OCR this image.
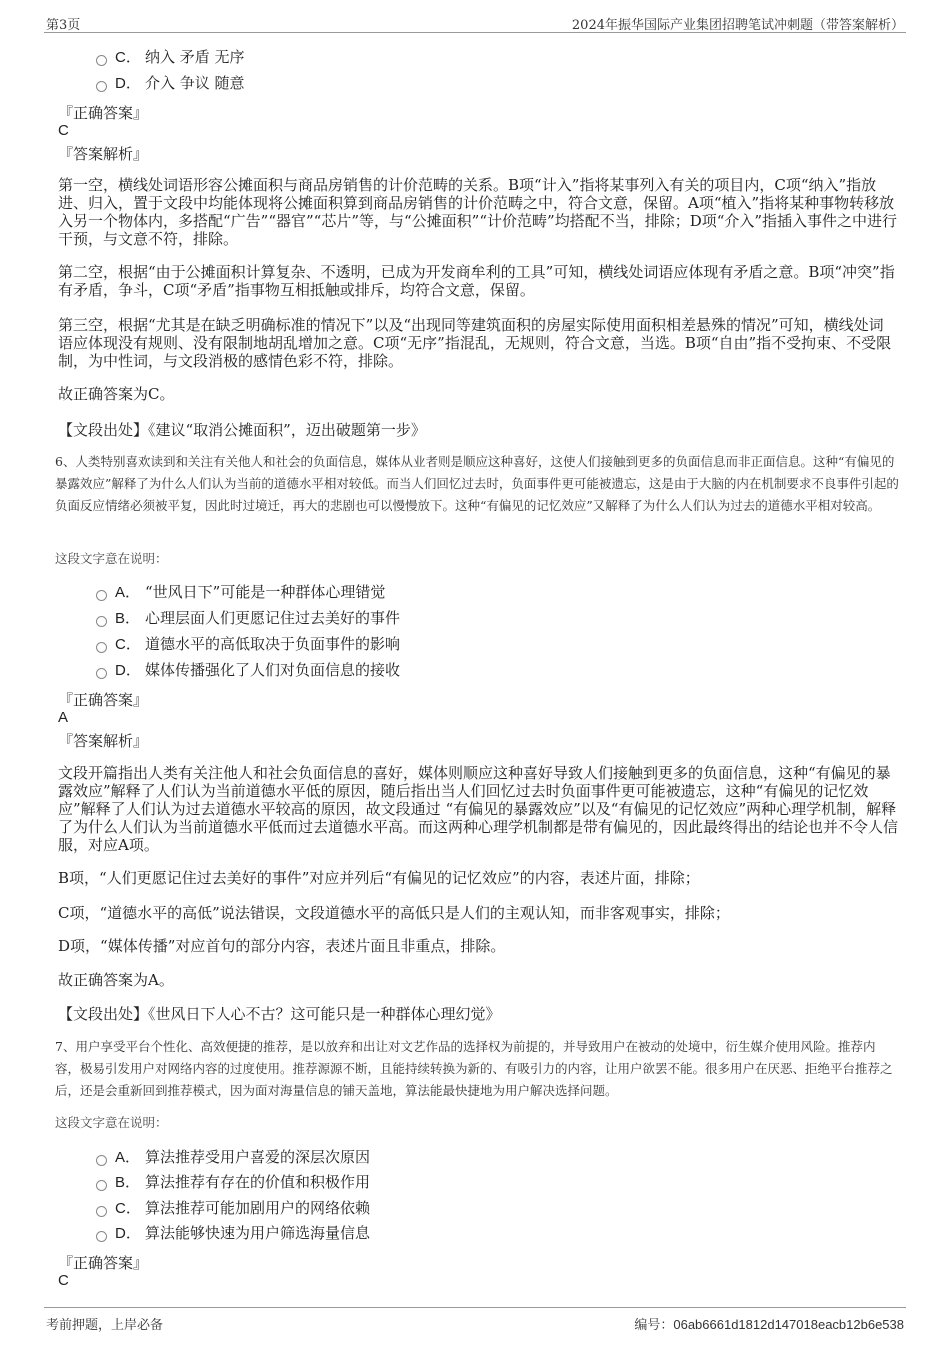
第3页	2024年振华国际产业集团招聘笔试冲刺题（带答案解析）
C． 纳入 矛盾 无序
D． 介入 争议 随意
『正确答案』
C
『答案解析』
第一空，横线处词语形容公摊面积与商品房销售的计价范畴的关系。B项“计入”指将某事列入有关的项目内，C项“纳入”指放进、归入，置于文段中均能体现将公摊面积算到商品房销售的计价范畴之中，符合文意，保留。A项“植入”指将某种事物转移放入另一个物体内，多搭配“广告”“器官”“芯片”等，与“公摊面积”“计价范畴”均搭配不当，排除；D项“介入”指插入事件之中进行干预，与文意不符，排除。
第二空，根据“由于公摊面积计算复杂、不透明，已成为开发商牟利的工具”可知，横线处词语应体现有矛盾之意。B项“冲突”指有矛盾，争斗，C项“矛盾”指事物互相抵触或排斥，均符合文意，保留。
第三空，根据“尤其是在缺乏明确标准的情况下”以及“出现同等建筑面积的房屋实际使用面积相差悬殊的情况”可知，横线处词语应体现没有规则、没有限制地胡乱增加之意。C项“无序”指混乱，无规则，符合文意，当选。B项“自由”指不受拘束、不受限制，为中性词，与文段消极的感情色彩不符，排除。
故正确答案为C。
【文段出处】《建议“取消公摊面积”，迈出破题第一步》
6、人类特别喜欢读到和关注有关他人和社会的负面信息，媒体从业者则是顺应这种喜好，这使人们接触到更多的负面信息而非正面信息。这种“有偏见的暴露效应”解释了为什么人们认为当前的道德水平相对较低。而当人们回忆过去时，负面事件更可能被遗忘，这是由于大脑的内在机制要求不良事件引起的负面反应情绪必须被平复，因此时过境迁，再大的悲剧也可以慢慢放下。这种“有偏见的记忆效应”又解释了为什么人们认为过去的道德水平相对较高。
这段文字意在说明：
A． “世风日下”可能是一种群体心理错觉
B． 心理层面人们更愿记住过去美好的事件
C． 道德水平的高低取决于负面事件的影响
D． 媒体传播强化了人们对负面信息的接收
『正确答案』
A
『答案解析』
文段开篇指出人类有关注他人和社会负面信息的喜好，媒体则顺应这种喜好导致人们接触到更多的负面信息，这种“有偏见的暴露效应”解释了人们认为当前道德水平低的原因，随后指出当人们回忆过去时负面事件更可能被遗忘，这种“有偏见的记忆效应”解释了人们认为过去道德水平较高的原因，故文段通过 “有偏见的暴露效应”以及“有偏见的记忆效应”两种心理学机制，解释了为什么人们认为当前道德水平低而过去道德水平高。而这两种心理学机制都是带有偏见的，因此最终得出的结论也并不令人信服，对应A项。
B项，“人们更愿记住过去美好的事件”对应并列后“有偏见的记忆效应”的内容，表述片面，排除；
C项，“道德水平的高低”说法错误，文段道德水平的高低只是人们的主观认知，而非客观事实，排除；
D项，“媒体传播”对应首句的部分内容，表述片面且非重点，排除。
故正确答案为A。
【文段出处】《世风日下人心不古？这可能只是一种群体心理幻觉》
7、用户享受平台个性化、高效便捷的推荐，是以放弃和出让对文艺作品的选择权为前提的，并导致用户在被动的处境中，衍生媒介使用风险。推荐内容，极易引发用户对网络内容的过度使用。推荐源源不断，且能持续转换为新的、有吸引力的内容，让用户欲罢不能。很多用户在厌恶、拒绝平台推荐之后，还是会重新回到推荐模式，因为面对海量信息的铺天盖地，算法能最快捷地为用户解决选择问题。
这段文字意在说明：
A． 算法推荐受用户喜爱的深层次原因
B． 算法推荐有存在的价值和积极作用
C． 算法推荐可能加剧用户的网络依赖
D． 算法能够快速为用户筛选海量信息
『正确答案』
C
考前押题，上岸必备	编号：06ab6661d1812d147018eacb12b6e538
